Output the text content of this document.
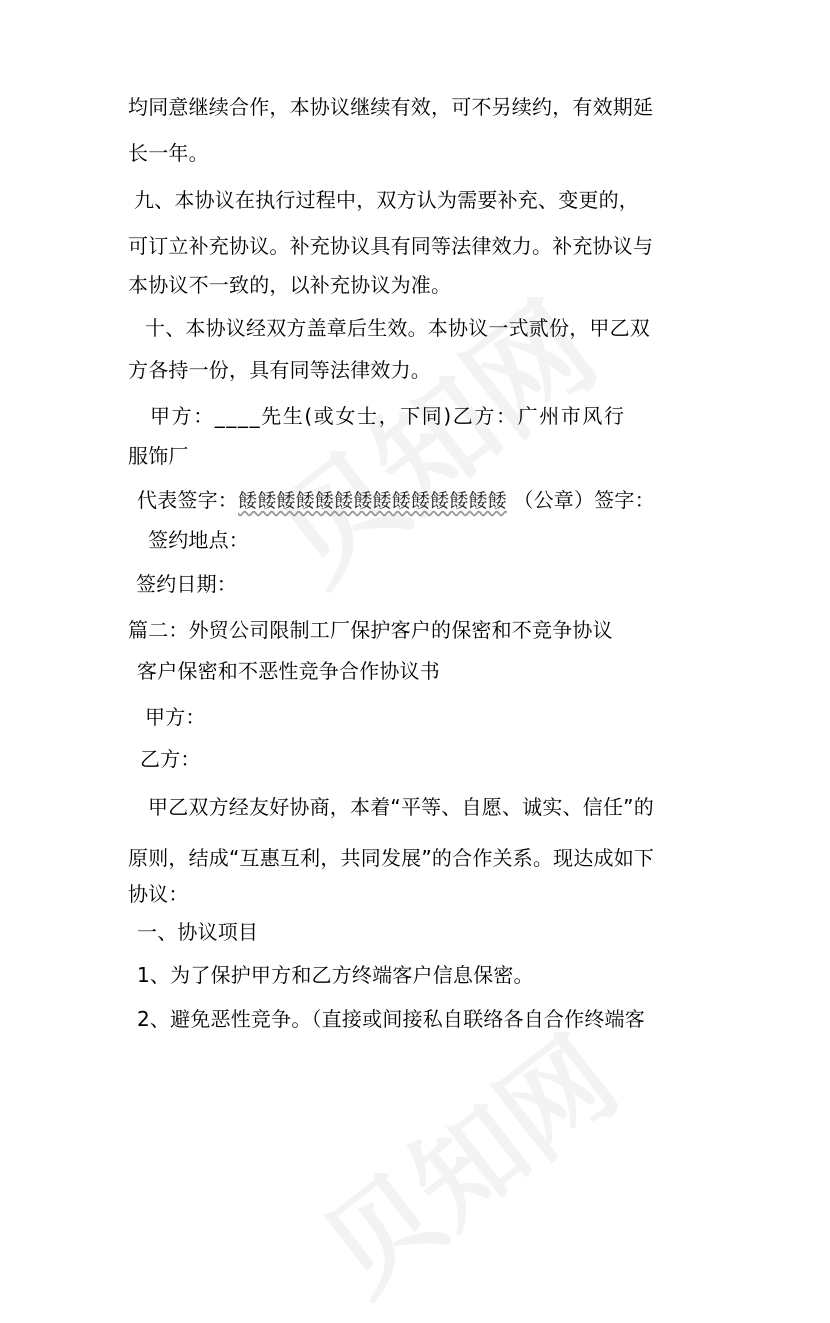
均同意继续合作，本协议继续有效，可不另续约，有效期延
长一年。
九、本协议在执行过程中，双方认为需要补充、变更的，
可订立补充协议。补充协议具有同等法律效力。补充协议与
本协议不一致的，以补充协议为准。
十、本协议经双方盖章后生效。本协议一式贰份，甲乙双
方各持一份，具有同等法律效力。
甲方：____先生(或女士，下同)乙方：广州市风行
服饰厂
代表签字：餧餧餧餧餧餧餧餧餧餧餧餧餧餧 （公章）签字：
签约地点：
签约日期：
篇二：外贸公司限制工厂保护客户的保密和不竞争协议
客户保密和不恶性竞争合作协议书
甲方：
乙方：
甲乙双方经友好协商，本着“平等、自愿、诚实、信任”的
原则，结成“互惠互利，共同发展”的合作关系。现达成如下
协议：
一、协议项目
1、为了保护甲方和乙方终端客户信息保密。
2、避免恶性竞争。（直接或间接私自联络各自合作终端客
